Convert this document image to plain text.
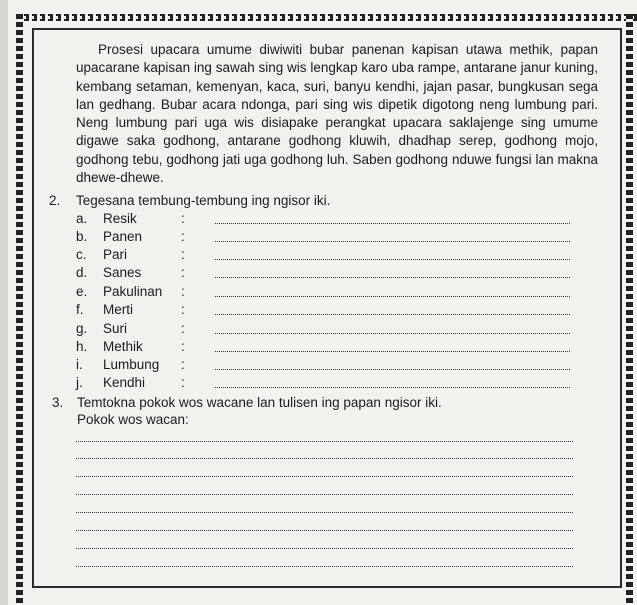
Prosesi upacara umume diwiwiti bubar panenan kapisan utawa methik, papan upacarane kapisan ing sawah sing wis lengkap karo uba rampe, antarane janur kuning, kembang setaman, kemenyan, kaca, suri, banyu kendhi, jajan pasar, bungkusan sega lan gedhang. Bubar acara ndonga, pari sing wis dipetik digotong neng lumbung pari. Neng lumbung pari uga wis disiapake perangkat upacara saklajenge sing umume digawe saka godhong, antarane godhong kluwih, dhadhap serep, godhong mojo, godhong tebu, godhong jati uga godhong luh. Saben godhong nduwe fungsi lan makna dhewe-dhewe.

2. Tegesana tembung-tembung ing ngisor iki.
a. Resik	:
b. Panen	:
c. Pari	:
d. Sanes	:
e. Pakulinan :
f. Merti	:
g. Suri	:
h. Methik	:
i. Lumbung :
j. Kendhi	:
3. Temtokna pokok wos wacane lan tulisen ing papan ngisor iki.
Pokok wos wacan:
